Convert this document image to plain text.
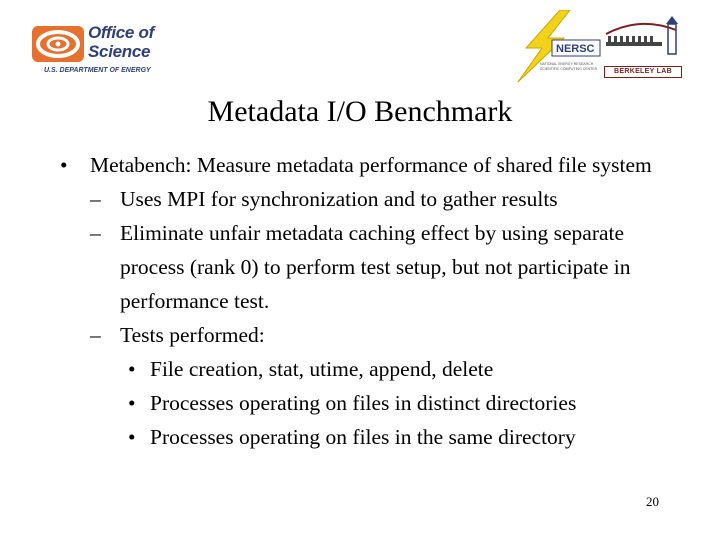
Office of
Science
U.S. DEPARTMENT OF ENERGY
NERSC
NATIONAL ENERGY RESEARCH SCIENTIFIC COMPUTING CENTER	BERKELEY LAB
Metadata I/O Benchmark
• Metabench: Measure metadata performance of shared file system
– Uses MPI for synchronization and to gather results
– Eliminate unfair metadata caching effect by using separate process (rank 0) to perform test setup, but not participate in performance test.
– Tests performed:
• File creation, stat, utime, append, delete
• Processes operating on files in distinct directories
• Processes operating on files in the same directory
20
